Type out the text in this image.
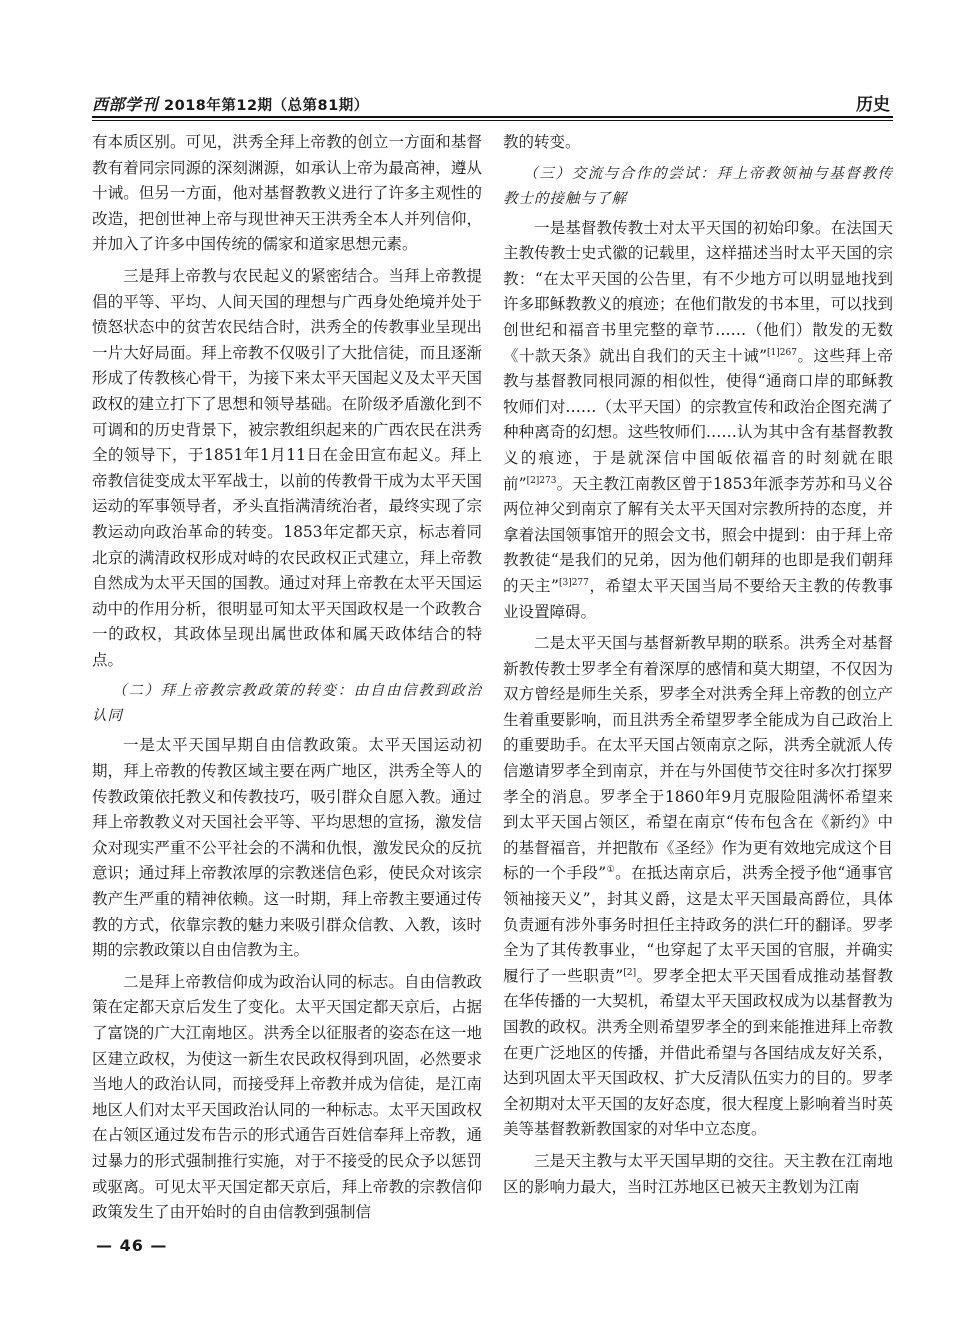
西部学刊 2018年第12期（总第81期）	历史

有本质区别。可见，洪秀全拜上帝教的创立一方面和基督教有着同宗同源的深刻渊源，如承认上帝为最高神，遵从十诫。但另一方面，他对基督教教义进行了许多主观性的改造，把创世神上帝与现世神天王洪秀全本人并列信仰，并加入了许多中国传统的儒家和道家思想元素。

三是拜上帝教与农民起义的紧密结合。当拜上帝教提倡的平等、平均、人间天国的理想与广西身处绝境并处于愤怒状态中的贫苦农民结合时，洪秀全的传教事业呈现出一片大好局面。拜上帝教不仅吸引了大批信徒，而且逐渐形成了传教核心骨干，为接下来太平天国起义及太平天国政权的建立打下了思想和领导基础。在阶级矛盾激化到不可调和的历史背景下，被宗教组织起来的广西农民在洪秀全的领导下，于1851年1月11日在金田宣布起义。拜上帝教信徒变成太平军战士，以前的传教骨干成为太平天国运动的军事领导者，矛头直指满清统治者，最终实现了宗教运动向政治革命的转变。1853年定都天京，标志着同北京的满清政权形成对峙的农民政权正式建立，拜上帝教自然成为太平天国的国教。通过对拜上帝教在太平天国运动中的作用分析，很明显可知太平天国政权是一个政教合一的政权，其政体呈现出属世政体和属天政体结合的特点。

（二）拜上帝教宗教政策的转变：由自由信教到政治认同

一是太平天国早期自由信教政策。太平天国运动初期，拜上帝教的传教区域主要在两广地区，洪秀全等人的传教政策依托教义和传教技巧，吸引群众自愿入教。通过拜上帝教教义对天国社会平等、平均思想的宣扬，激发信众对现实严重不公平社会的不满和仇恨，激发民众的反抗意识；通过拜上帝教浓厚的宗教迷信色彩，使民众对该宗教产生严重的精神依赖。这一时期，拜上帝教主要通过传教的方式，依靠宗教的魅力来吸引群众信教、入教，该时期的宗教政策以自由信教为主。

二是拜上帝教信仰成为政治认同的标志。自由信教政策在定都天京后发生了变化。太平天国定都天京后，占据了富饶的广大江南地区。洪秀全以征服者的姿态在这一地区建立政权，为使这一新生农民政权得到巩固，必然要求当地人的政治认同，而接受拜上帝教并成为信徒，是江南地区人们对太平天国政治认同的一种标志。太平天国政权在占领区通过发布告示的形式通告百姓信奉拜上帝教，通过暴力的形式强制推行实施，对于不接受的民众予以惩罚或驱离。可见太平天国定都天京后，拜上帝教的宗教信仰政策发生了由开始时的自由信教到强制信

教的转变。

（三）交流与合作的尝试：拜上帝教领袖与基督教传教士的接触与了解

一是基督教传教士对太平天国的初始印象。在法国天主教传教士史式徽的记载里，这样描述当时太平天国的宗教：“在太平天国的公告里，有不少地方可以明显地找到许多耶稣教教义的痕迹；在他们散发的书本里，可以找到创世纪和福音书里完整的章节……（他们）散发的无数《十款天条》就出自我们的天主十诫”$^{[1]267}$。这些拜上帝教与基督教同根同源的相似性，使得“通商口岸的耶稣教牧师们对……（太平天国）的宗教宣传和政治企图充满了种种离奇的幻想。这些牧师们……认为其中含有基督教教义的痕迹，于是就深信中国皈依福音的时刻就在眼前”$^{[2]273}$。天主教江南教区曾于1853年派李芳苏和马义谷两位神父到南京了解有关太平天国对宗教所持的态度，并拿着法国领事馆开的照会文书，照会中提到：由于拜上帝教教徒“是我们的兄弟，因为他们朝拜的也即是我们朝拜的天主”$^{[3]277}$，希望太平天国当局不要给天主教的传教事业设置障碍。

二是太平天国与基督新教早期的联系。洪秀全对基督新教传教士罗孝全有着深厚的感情和莫大期望，不仅因为双方曾经是师生关系，罗孝全对洪秀全拜上帝教的创立产生着重要影响，而且洪秀全希望罗孝全能成为自己政治上的重要助手。在太平天国占领南京之际，洪秀全就派人传信邀请罗孝全到南京，并在与外国使节交往时多次打探罗孝全的消息。罗孝全于1860年9月克服险阻满怀希望来到太平天国占领区，希望在南京“传布包含在《新约》中的基督福音，并把散布《圣经》作为更有效地完成这个目标的一个手段”①。在抵达南京后，洪秀全授予他“通事官领袖接天义”，封其义爵，这是太平天国最高爵位，具体负责逦有涉外事务时担任主持政务的洪仁玕的翻译。罗孝全为了其传教事业，“也穿起了太平天国的官服，并确实履行了一些职责”[2]。罗孝全把太平天国看成推动基督教在华传播的一大契机，希望太平天国政权成为以基督教为国教的政权。洪秀全则希望罗孝全的到来能推进拜上帝教在更广泛地区的传播，并借此希望与各国结成友好关系，达到巩固太平天国政权、扩大反清队伍实力的目的。罗孝全初期对太平天国的友好态度，很大程度上影响着当时英美等基督教新教国家的对华中立态度。

三是天主教与太平天国早期的交往。天主教在江南地区的影响力最大，当时江苏地区已被天主教划为江南

— 46 —
